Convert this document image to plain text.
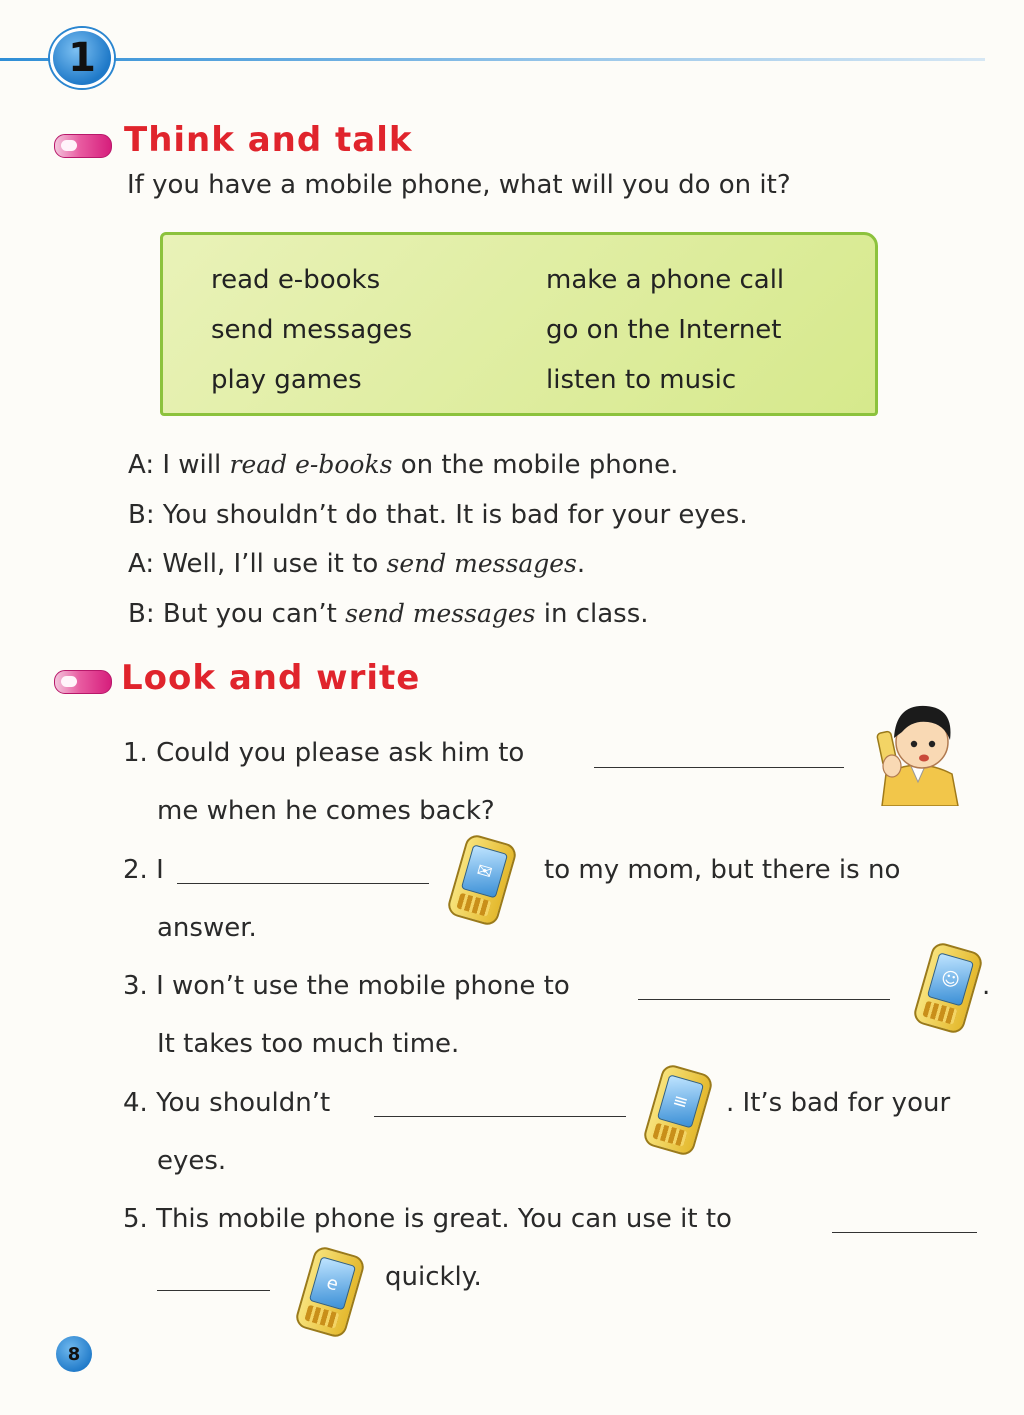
1
Think and talk
If you have a mobile phone, what will you do on it?
read e-books	make a phone call
send messages	go on the Internet
play games	listen to music
A: I will read e-books on the mobile phone.
B: You shouldn’t do that. It is bad for your eyes.
A: Well, I’ll use it to send messages.
B: But you can’t send messages in class.
Look and write
1. Could you please ask him to
me when he comes back?
2. I	✉	to my mom, but there is no
answer.
3. I won’t use the mobile phone to	☺ .
It takes too much time.
4. You shouldn’t	≡	. It’s bad for your
eyes.
5. This mobile phone is great. You can use it to
e	quickly.
8
